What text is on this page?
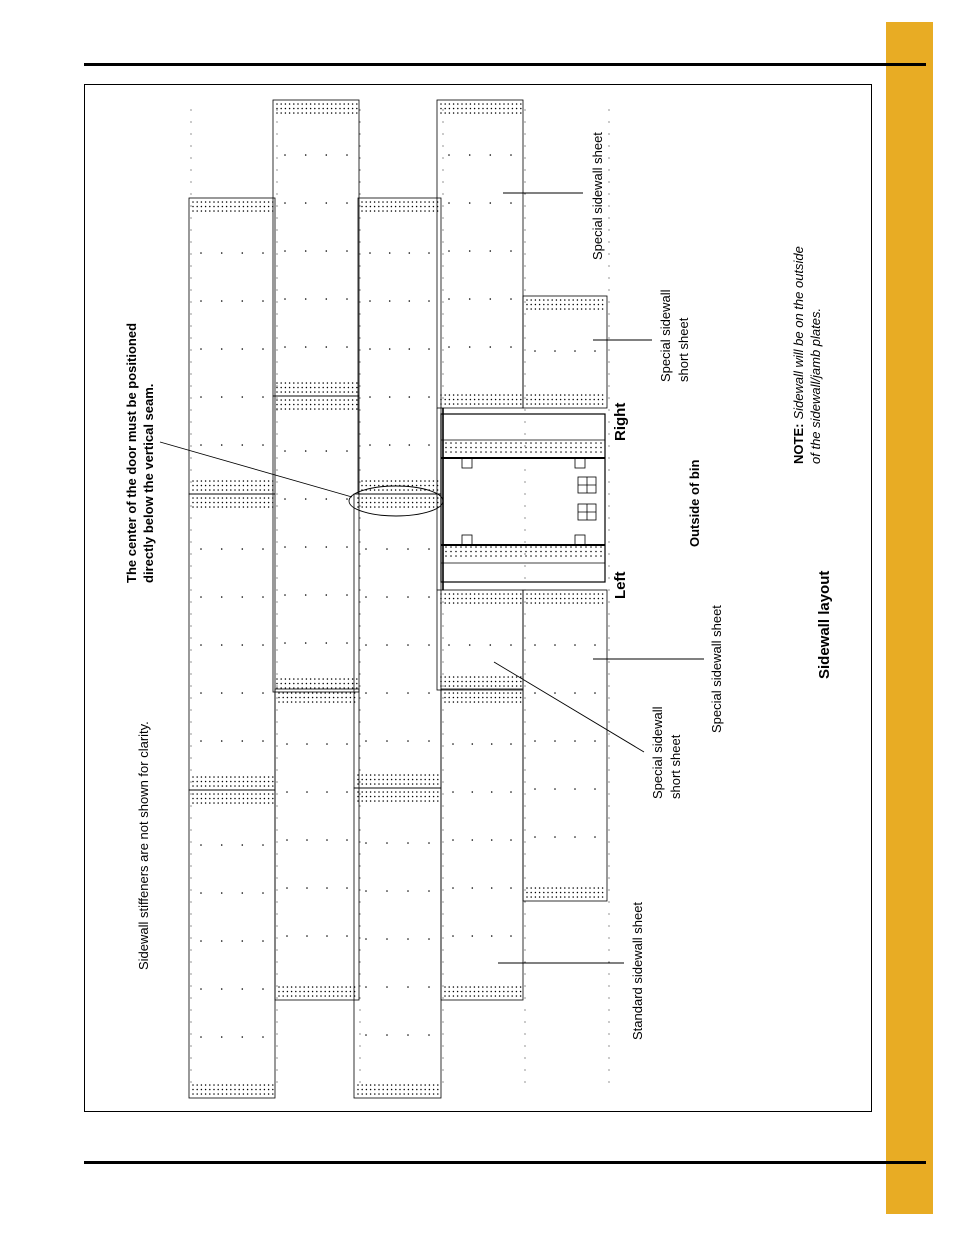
Sidewall stiffeners are not shown for clarity.
The center of the door must be positioned directly below the vertical seam.
Special sidewall sheet
Special sidewall short sheet
Right
Left
Outside of bin
Special sidewall sheet
Special sidewall short sheet
Standard sidewall sheet
Sidewall layout
NOTE:Sidewall will be on the outside of the sidewall/jamb plates.
